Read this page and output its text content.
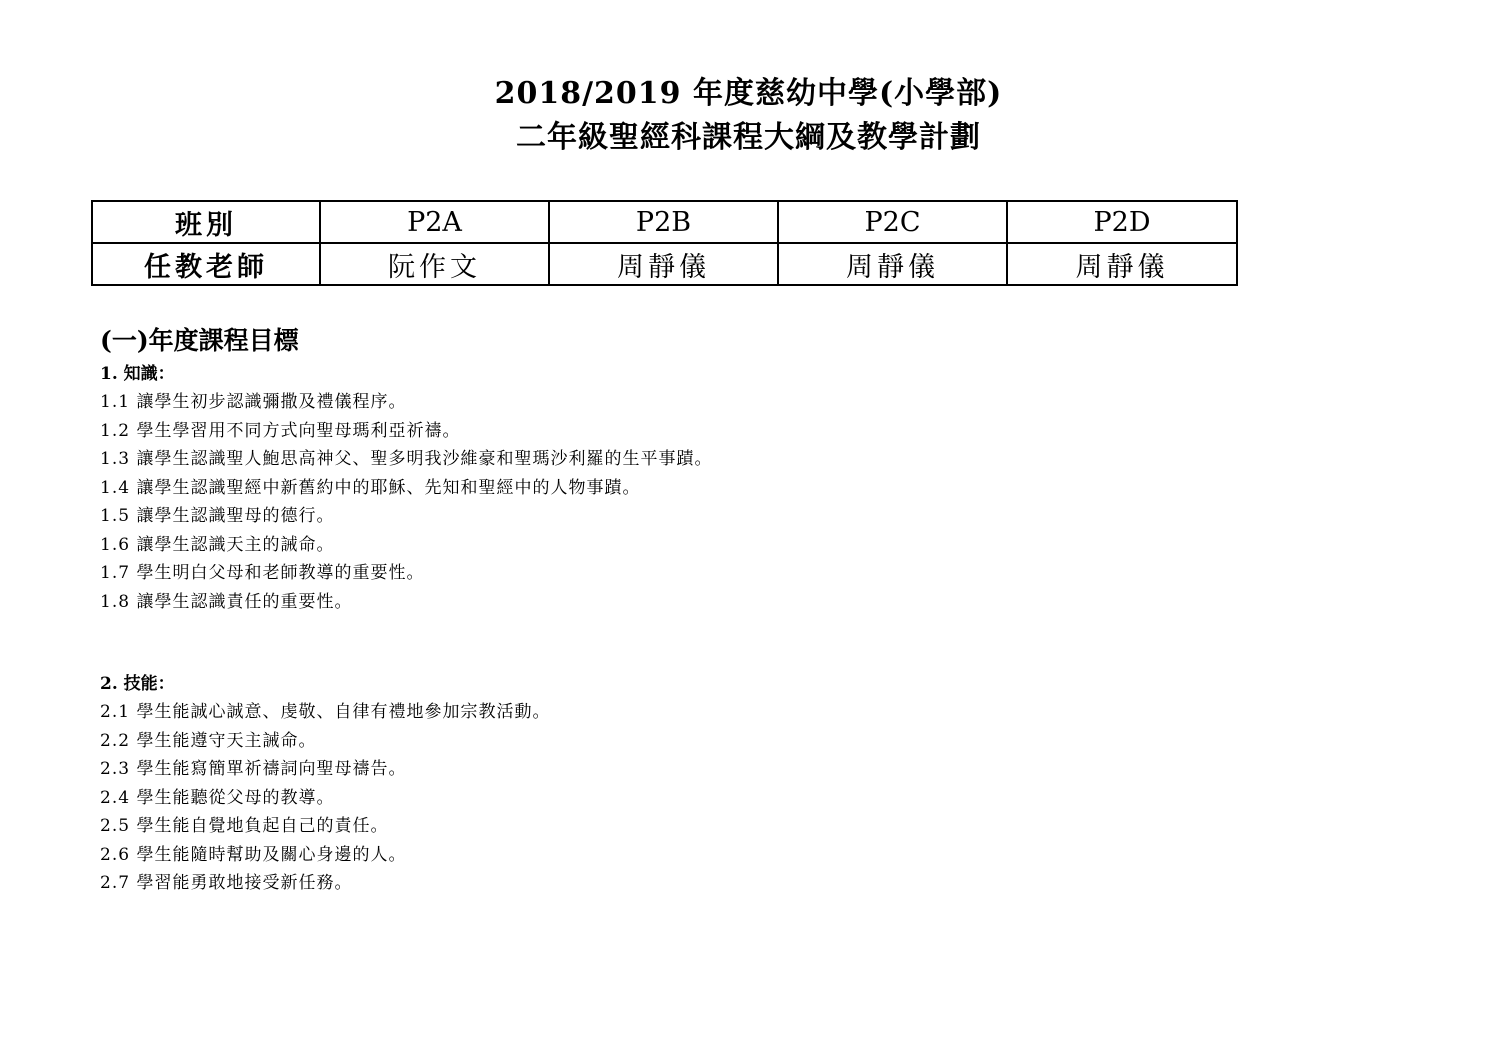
2018/2019 年度慈幼中學(小學部)
二年級聖經科課程大綱及教學計劃
班別	P2A	P2B	P2C	P2D
任教老師	阮作文	周靜儀	周靜儀	周靜儀
(一)年度課程目標
1. 知識：
1.1 讓學生初步認識彌撒及禮儀程序。
1.2 學生學習用不同方式向聖母瑪利亞祈禱。
1.3 讓學生認識聖人鮑思高神父、聖多明我沙維豪和聖瑪沙利羅的生平事蹟。
1.4 讓學生認識聖經中新舊約中的耶穌、先知和聖經中的人物事蹟。
1.5 讓學生認識聖母的德行。
1.6 讓學生認識天主的誡命。
1.7 學生明白父母和老師教導的重要性。
1.8 讓學生認識責任的重要性。
2. 技能：
2.1 學生能誠心誠意、虔敬、自律有禮地參加宗教活動。
2.2 學生能遵守天主誡命。
2.3 學生能寫簡單祈禱詞向聖母禱告。
2.4 學生能聽從父母的教導。
2.5 學生能自覺地負起自己的責任。
2.6 學生能隨時幫助及關心身邊的人。
2.7 學習能勇敢地接受新任務。
